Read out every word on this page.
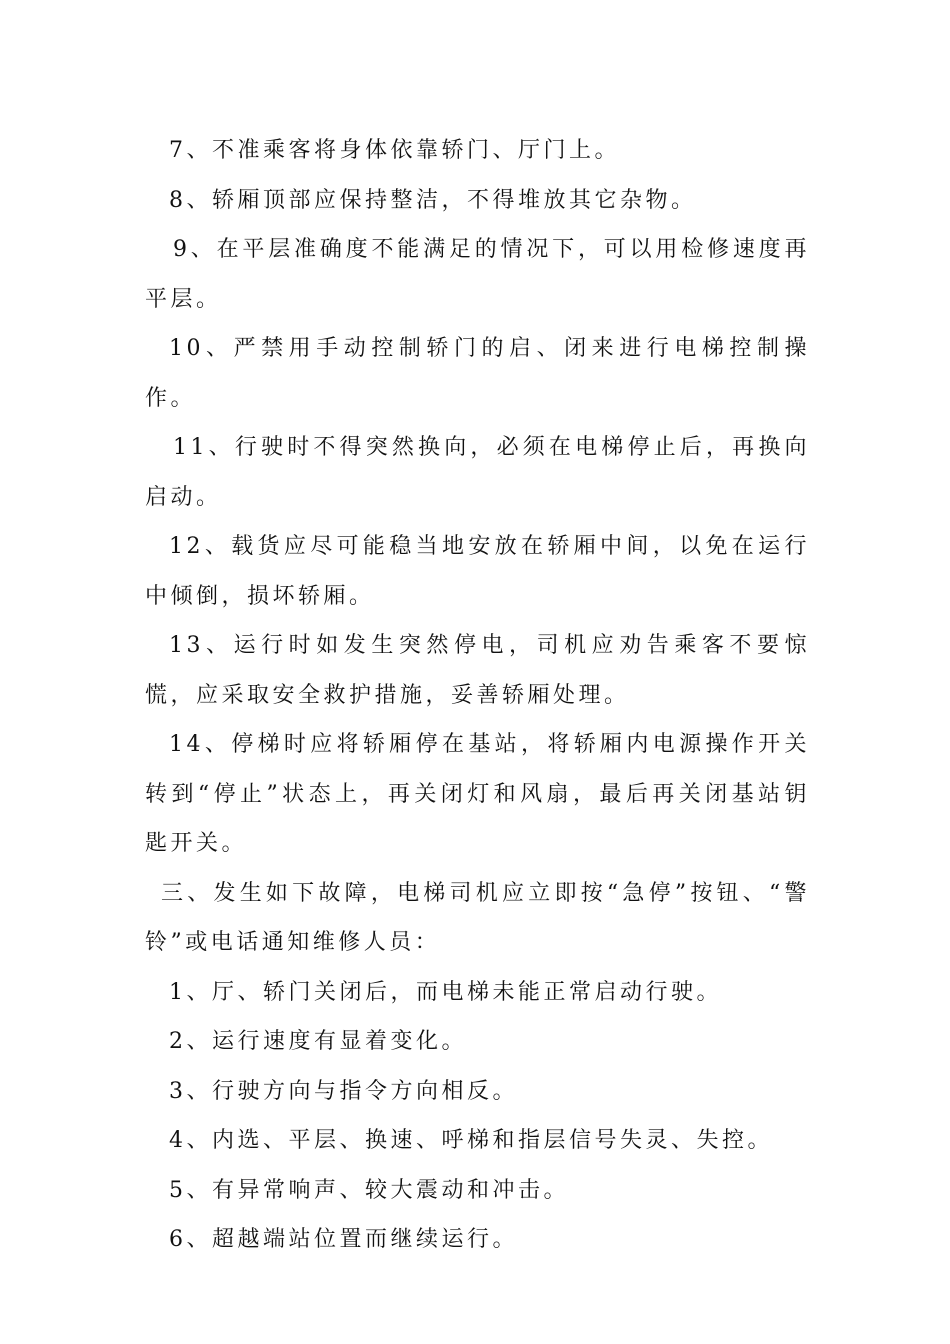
7、不准乘客将身体依靠轿门、厅门上。

8、轿厢顶部应保持整洁，不得堆放其它杂物。

9、在平层准确度不能满足的情况下，可以用检修速度再平层。

10、严禁用手动控制轿门的启、闭来进行电梯控制操作。

11、行驶时不得突然换向，必须在电梯停止后，再换向启动。

12、载货应尽可能稳当地安放在轿厢中间，以免在运行中倾倒，损坏轿厢。

13、运行时如发生突然停电，司机应劝告乘客不要惊慌，应采取安全救护措施，妥善轿厢处理。

14、停梯时应将轿厢停在基站，将轿厢内电源操作开关转到“停止”状态上，再关闭灯和风扇，最后再关闭基站钥匙开关。

三、发生如下故障，电梯司机应立即按“急停”按钮、“警铃”或电话通知维修人员：

1、厅、轿门关闭后，而电梯未能正常启动行驶。

2、运行速度有显着变化。

3、行驶方向与指令方向相反。

4、内选、平层、换速、呼梯和指层信号失灵、失控。

5、有异常响声、较大震动和冲击。

6、超越端站位置而继续运行。
